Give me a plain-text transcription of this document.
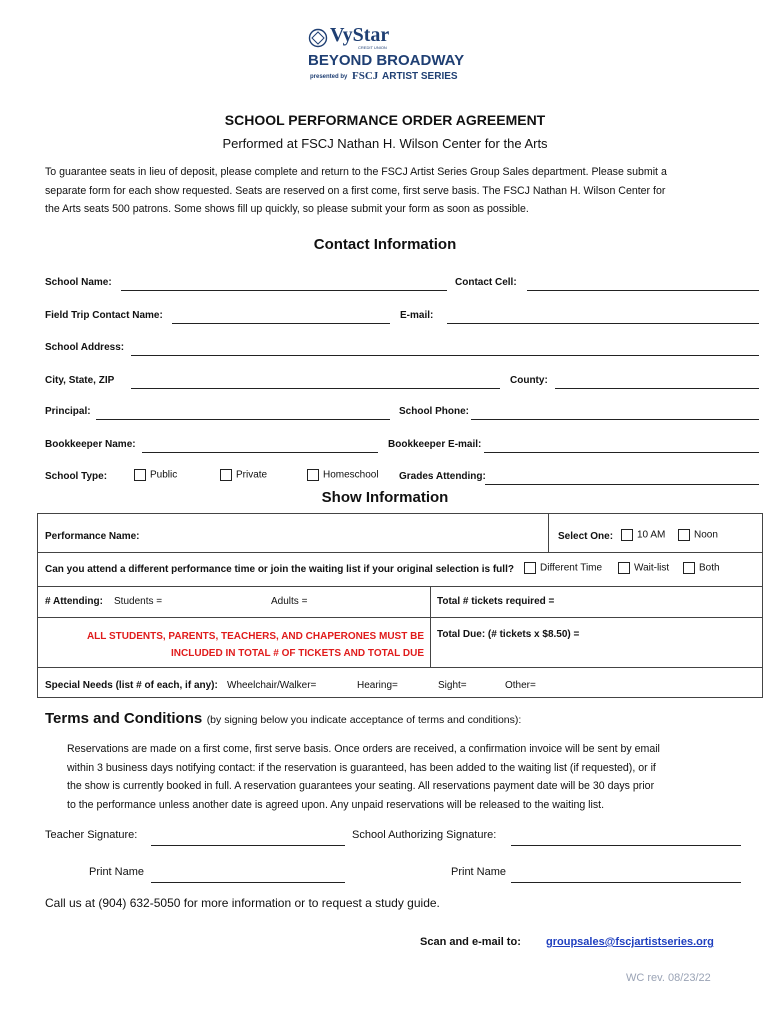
VyStar
CREDIT UNION
BEYOND BROADWAY
presented by FSCJ ARTIST SERIES
SCHOOL PERFORMANCE ORDER AGREEMENT
Performed at FSCJ Nathan H. Wilson Center for the Arts
To guarantee seats in lieu of deposit, please complete and return to the FSCJ Artist Series Group Sales department. Please submit a
separate form for each show requested. Seats are reserved on a first come, first serve basis. The FSCJ Nathan H. Wilson Center for
the Arts seats 500 patrons. Some shows fill up quickly, so please submit your form as soon as possible.
Contact Information
School Name:	Contact Cell:
Field Trip Contact Name:	E-mail:
School Address:
City, State, ZIP	County:
Principal:	School Phone:
Bookkeeper Name:	Bookkeeper E-mail:
School Type:	Public	Private	Homeschool Grades Attending:
Show Information
Performance Name:	Select One:	10 AM	Noon
Can you attend a different performance time or join the waiting list if your original selection is full?	Different Time	Wait-list	Both
# Attending: Students =	Adults =	Total # tickets required =
ALL STUDENTS, PARENTS, TEACHERS, AND CHAPERONES MUST BE
INCLUDED IN TOTAL # OF TICKETS AND TOTAL DUE
Total Due: (# tickets x $8.50) =
Special Needs (list # of each, if any): Wheelchair/Walker=	Hearing=	Sight=	Other=
Terms and Conditions (by signing below you indicate acceptance of terms and conditions):
Reservations are made on a first come, first serve basis. Once orders are received, a confirmation invoice will be sent by email
within 3 business days notifying contact: if the reservation is guaranteed, has been added to the waiting list (if requested), or if
the show is currently booked in full. A reservation guarantees your seating. All reservations payment date will be 30 days prior
to the performance unless another date is agreed upon. Any unpaid reservations will be released to the waiting list.
Teacher Signature:	School Authorizing Signature:
Print Name	Print Name
Call us at (904) 632-5050 for more information or to request a study guide.
Scan and e-mail to: groupsales@fscjartistseries.org
WC rev. 08/23/22
